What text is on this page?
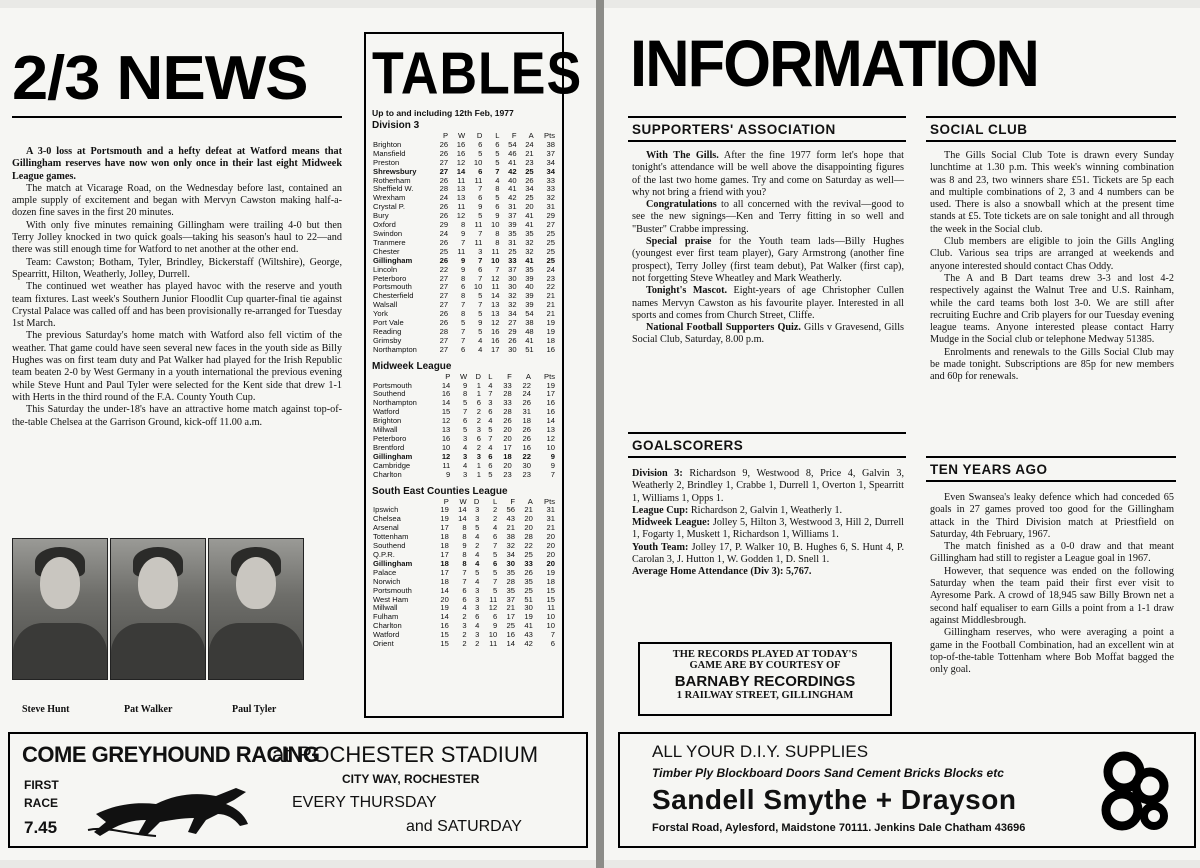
2/3 NEWS

A 3-0 loss at Portsmouth and a hefty defeat at Watford means that Gillingham reserves have now won only once in their last eight Midweek League games.

The match at Vicarage Road, on the Wednesday before last, contained an ample supply of excitement and began with Mervyn Cawston making half-a-dozen fine saves in the first 20 minutes.

With only five minutes remaining Gillingham were trailing 4-0 but then Terry Jolley knocked in two quick goals—taking his season's haul to 22—and there was still enough time for Watford to net another at the other end.

Team: Cawston; Botham, Tyler, Brindley, Bickerstaff (Wiltshire), George, Spearritt, Hilton, Weatherly, Jolley, Durrell.

The continued wet weather has played havoc with the reserve and youth team fixtures. Last week's Southern Junior Floodlit Cup quarter-final tie against Crystal Palace was called off and has been provisionally re-arranged for Tuesday 1st March.

The previous Saturday's home match with Watford also fell victim of the weather. That game could have seen several new faces in the youth side as Billy Hughes was on first team duty and Pat Walker had played for the Irish Republic team beaten 2-0 by West Germany in a youth international the previous evening while Steve Hunt and Paul Tyler were selected for the Kent side that drew 1-1 with Herts in the third round of the F.A. County Youth Cup.

This Saturday the under-18's have an attractive home match against top-of-the-table Chelsea at the Garrison Ground, kick-off 11.00 a.m.

Steve Hunt	Pat Walker	Paul Tyler
TABLES
Up to and including 12th Feb, 1977
Division 3
	P	W	D	L	F	A	Pts
Brighton	26	16	6	6	54	24	38
Mansfield	26	16	5	5	46	21	37
Preston	27	12	10	5	41	23	34
Shrewsbury	27	14	6	7	42	25	34
Rotherham	26	11	11	4	40	26	33
Sheffield W.	28	13	7	8	41	34	33
Wrexham	24	13	6	5	42	25	32
Crystal P.	26	11	9	6	31	20	31
Bury	26	12	5	9	37	41	29
Oxford	29	8	11	10	39	41	27
Swindon	24	9	7	8	35	35	25
Tranmere	26	7	11	8	31	32	25
Chester	25	11	3	11	25	32	25
Gillingham	26	9	7	10	33	41	25
Lincoln	22	9	6	7	37	35	24
Peterboro	27	8	7	12	30	39	23
Portsmouth	27	6	10	11	30	40	22
Chesterfield	27	8	5	14	32	39	21
Walsall	27	7	7	13	32	39	21
York	26	8	5	13	34	54	21
Port Vale	26	5	9	12	27	38	19
Reading	28	7	5	16	29	48	19
Grimsby	27	7	4	16	26	41	18
Northampton	27	6	4	17	30	51	16
Midweek League
	P	W	D	L	F	A	Pts
Portsmouth	14	9	1	4	33	22	19
Southend	16	8	1	7	28	24	17
Northampton	14	5	6	3	33	26	16
Watford	15	7	2	6	28	31	16
Brighton	12	6	2	4	26	18	14
Millwall	13	5	3	5	20	26	13
Peterboro	16	3	6	7	20	26	12
Brentford	10	4	2	4	17	16	10
Gillingham	12	3	3	6	18	22	9
Cambridge	11	4	1	6	20	30	9
Charlton	9	3	1	5	23	23	7
South East Counties League
	P	W	D	L	F	A	Pts
Ipswich	19	14	3	2	56	21	31
Chelsea	19	14	3	2	43	20	31
Arsenal	17	8	5	4	21	20	21
Tottenham	18	8	4	6	38	28	20
Southend	18	9	2	7	32	22	20
Q.P.R.	17	8	4	5	34	25	20
Gillingham	18	8	4	6	30	33	20
Palace	17	7	5	5	35	26	19
Norwich	18	7	4	7	28	35	18
Portsmouth	14	6	3	5	35	25	15
West Ham	20	6	3	11	37	51	15
Millwall	19	4	3	12	21	30	11
Fulham	14	2	6	6	17	19	10
Charlton	16	3	4	9	25	41	10
Watford	15	2	3	10	16	43	7
Orient	15	2	2	11	14	42	6
COME GREYHOUND RACING
at ROCHESTER STADIUM
CITY WAY, ROCHESTER
FIRST
RACE
7.45
EVERY THURSDAY
and SATURDAY
INFORMATION
SUPPORTERS' ASSOCIATION

With The Gills. After the fine 1977 form let's hope that tonight's attendance will be well above the disappointing figures of the last two home games. Try and come on Saturday as well—why not bring a friend with you?

Congratulations to all concerned with the revival—good to see the new signings—Ken and Terry fitting in so well and "Buster" Crabbe impressing.

Special praise for the Youth team lads—Billy Hughes (youngest ever first team player), Gary Armstrong (another fine prospect), Terry Jolley (first team debut), Pat Walker (first cap), not forgetting Steve Wheatley and Mark Weatherly.

Tonight's Mascot. Eight-years of age Christopher Cullen names Mervyn Cawston as his favourite player. Interested in all sports and comes from Church Street, Cliffe.

National Football Supporters Quiz. Gills v Gravesend, Gills Social Club, Saturday, 8.00 p.m.

GOALSCORERS

Division 3: Richardson 9, Westwood 8, Price 4, Galvin 3, Weatherly 2, Brindley 1, Crabbe 1, Durrell 1, Overton 1, Spearritt 1, Williams 1, Opps 1.

League Cup: Richardson 2, Galvin 1, Weatherly 1.

Midweek League: Jolley 5, Hilton 3, Westwood 3, Hill 2, Durrell 1, Fogarty 1, Muskett 1, Richardson 1, Williams 1.

Youth Team: Jolley 17, P. Walker 10, B. Hughes 6, S. Hunt 4, P. Carolan 3, J. Hutton 1, W. Godden 1, D. Snell 1.

Average Home Attendance (Div 3): 5,767.

THE RECORDS PLAYED AT TODAY'S
GAME ARE BY COURTESY OF
BARNABY RECORDINGS
1 RAILWAY STREET, GILLINGHAM
SOCIAL CLUB

The Gills Social Club Tote is drawn every Sunday lunchtime at 1.30 p.m. This week's winning combination was 8 and 23, two winners share £51. Tickets are 5p each and multiple combinations of 2, 3 and 4 numbers can be used. There is also a snowball which at the present time stands at £5. Tote tickets are on sale tonight and all through the week in the Social club.

Club members are eligible to join the Gills Angling Club. Various sea trips are arranged at weekends and anyone interested should contact Chas Oddy.

The A and B Dart teams drew 3-3 and lost 4-2 respectively against the Walnut Tree and U.S. Rainham, while the card teams both lost 3-0. We are still after recruiting Euchre and Crib players for our Tuesday evening league teams. Anyone interested please contact Harry Mudge in the Social club or telephone Medway 51385.

Enrolments and renewals to the Gills Social Club may be made tonight. Subscriptions are 85p for new members and 60p for renewals.

TEN YEARS AGO

Even Swansea's leaky defence which had conceded 65 goals in 27 games proved too good for the Gillingham attack in the Third Division match at Priestfield on Saturday, 4th February, 1967.

The match finished as a 0-0 draw and that meant Gillingham had still to register a League goal in 1967.

However, that sequence was ended on the following Saturday when the team paid their first ever visit to Ayresome Park. A crowd of 18,945 saw Billy Brown net a second half equaliser to earn Gills a point from a 1-1 draw against Middlesbrough.

Gillingham reserves, who were averaging a point a game in the Football Combination, had an excellent win at top-of-the-table Tottenham where Bob Moffat bagged the only goal.

ALL YOUR D.I.Y. SUPPLIES
Timber Ply Blockboard Doors Sand Cement Bricks Blocks etc
Sandell Smythe + Drayson
Forstal Road, Aylesford, Maidstone 70111. Jenkins Dale Chatham 43696
